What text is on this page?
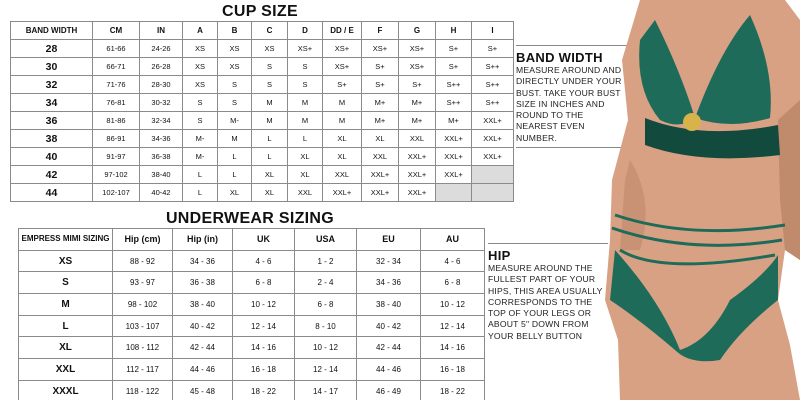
CUP SIZE
BAND WIDTH	CM	IN	A	B	C	D	DD / E	F	G	H	I
28	61-66	24-26	XS	XS	XS	XS+	XS+	XS+	XS+	S+	S+
30	66-71	26-28	XS	XS	S	S	XS+	S+	XS+	S+	S++
32	71-76	28-30	XS	S	S	S	S+	S+	S+	S++	S++
34	76-81	30-32	S	S	M	M	M	M+	M+	S++	S++
36	81-86	32-34	S	M-	M	M	M	M+	M+	M+	XXL+
38	86-91	34-36	M-	M	L	L	XL	XL	XXL	XXL+	XXL+
40	91-97	36-38	M-	L	L	XL	XL	XXL	XXL+	XXL+	XXL+
42	97-102	38-40	L	L	XL	XL	XXL	XXL+	XXL+	XXL+	
44	102-107	40-42	L	XL	XL	XXL	XXL+	XXL+	XXL+		
UNDERWEAR SIZING
EMPRESS MIMI SIZING	Hip (cm)	Hip (in)	UK	USA	EU	AU
XS	88 - 92	34 - 36	4 - 6	1 - 2	32 - 34	4 - 6
S	93 - 97	36 - 38	6 - 8	2 - 4	34 - 36	6 - 8
M	98 - 102	38 - 40	10 - 12	6 - 8	38 - 40	10 - 12
L	103 - 107	40 - 42	12 - 14	8 - 10	40 - 42	12 - 14
XL	108 - 112	42 - 44	14 - 16	10 - 12	42 - 44	14 - 16
XXL	112 - 117	44 - 46	16 - 18	12 - 14	44 - 46	16 - 18
XXXL	118 - 122	45 - 48	18 - 22	14 - 17	46 - 49	18 - 22
BAND WIDTH
MEASURE AROUND AND
DIRECTLY UNDER YOUR
BUST. TAKE YOUR BUST
SIZE IN INCHES AND
ROUND TO THE
NEAREST EVEN NUMBER.
HIP
MEASURE AROUND THE
FULLEST PART OF YOUR
HIPS, THIS AREA USUALLY
CORRESPONDS TO THE
TOP OF YOUR LEGS OR
ABOUT 5" DOWN FROM
YOUR BELLY BUTTON
